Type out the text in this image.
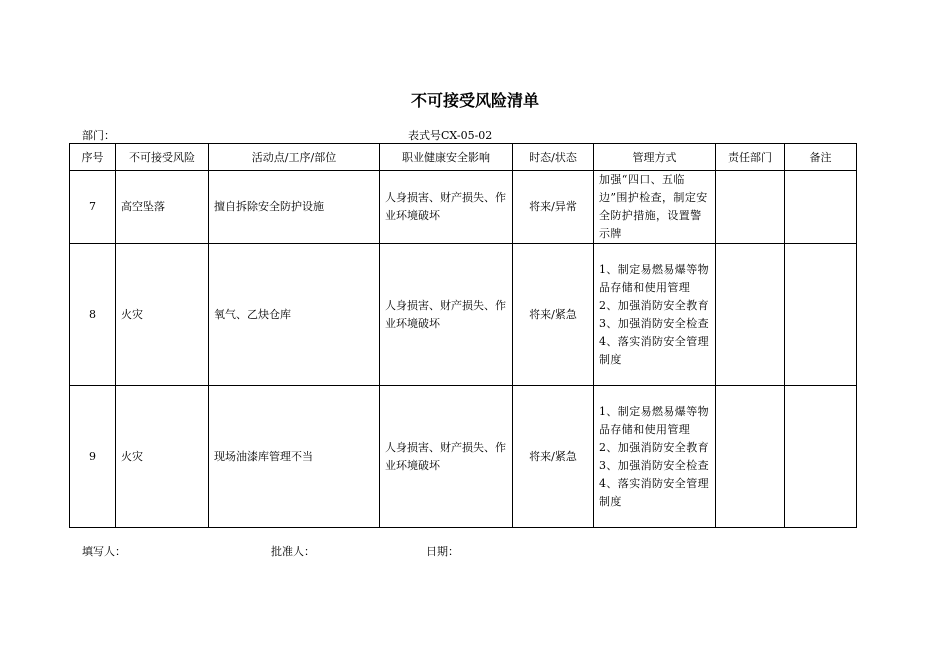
不可接受风险清单
部门：	表式号CX-05-02
序号	不可接受风险	活动点/工序/部位	职业健康安全影响	时态/状态	管理方式	责任部门	备注
7	高空坠落	擅自拆除安全防护设施	人身损害、财产损失、作业环境破坏	将来/异常	加强“四口、五临边”围护检查，制定安全防护措施，设置警示牌		

8	火灾	氧气、乙炔仓库	人身损害、财产损失、作业环境破坏	将来/紧急	1、制定易燃易爆等物品存储和使用管理
2、加强消防安全教育
3、加强消防安全检查
4、落实消防安全管理制度		

9	火灾	现场油漆库管理不当	人身损害、财产损失、作业环境破坏	将来/紧急	1、制定易燃易爆等物品存储和使用管理
2、加强消防安全教育
3、加强消防安全检查
4、落实消防安全管理制度		

填写人：	批准人：	日期：
